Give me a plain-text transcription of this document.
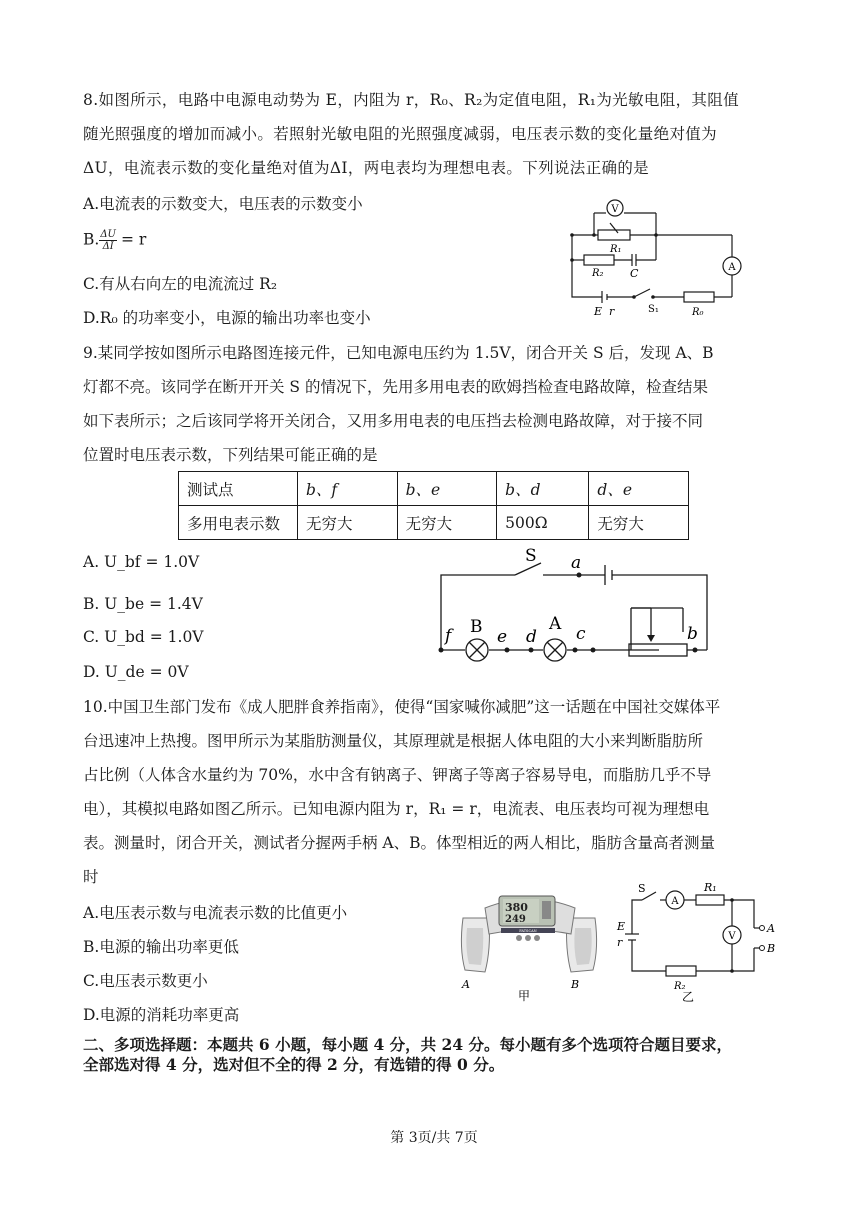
8.如图所示，电路中电源电动势为 E，内阻为 r，R₀、R₂为定值电阻，R₁为光敏电阻，其阻值
随光照强度的增加而减小。若照射光敏电阻的光照强度减弱，电压表示数的变化量绝对值为
ΔU，电流表示数的变化量绝对值为ΔI，两电表均为理想电表。下列说法正确的是
A.电流表的示数变大，电压表的示数变小
B. $\frac{\Delta U}{\Delta I} = r$
C.有从右向左的电流流过 R₂
D.R₀ 的功率变小，电源的输出功率也变小
V
A
R₁
R₂ C
E r	S₁	R₀
9.某同学按如图所示电路图连接元件，已知电源电压约为 1.5V，闭合开关 S 后，发现 A、B
灯都不亮。该同学在断开开关 S 的情况下，先用多用电表的欧姆挡检查电路故障，检查结果
如下表所示；之后该同学将开关闭合，又用多用电表的电压挡去检测电路故障，对于接不同
位置时电压表示数，下列结果可能正确的是
测试点	b、f	b、e	b、d	d、e
多用电表示数	无穷大	无穷大	500Ω	无穷大
A. U_bf = 1.0V
B. U_be = 1.4V
C. U_bd = 1.0V
D. U_de = 0V
S a
f B e d
A c	b
10.中国卫生部门发布《成人肥胖食养指南》，使得“国家喊你减肥”这一话题在中国社交媒体平
台迅速冲上热搜。图甲所示为某脂肪测量仪，其原理就是根据人体电阻的大小来判断脂肪所
占比例（人体含水量约为 70%，水中含有钠离子、钾离子等离子容易导电，而脂肪几乎不导
电），其模拟电路如图乙所示。已知电源内阻为 r，R₁ = r，电流表、电压表均可视为理想电
表。测量时，闭合开关，测试者分握两手柄 A、B。体型相近的两人相比，脂肪含量高者测量
时
A.电压表示数与电流表示数的比值更小
B.电源的输出功率更低
C.电压表示数更小
D.电源的消耗功率更高
380
249
FATSCAN
A
甲
B
S
A
R₁
E
r	V
A
B
R₂
乙
二、多项选择题：本题共 6 小题，每小题 4 分，共 24 分。每小题有多个选项符合题目要求，
全部选对得 4 分，选对但不全的得 2 分，有选错的得 0 分。
第 3页/共 7页
